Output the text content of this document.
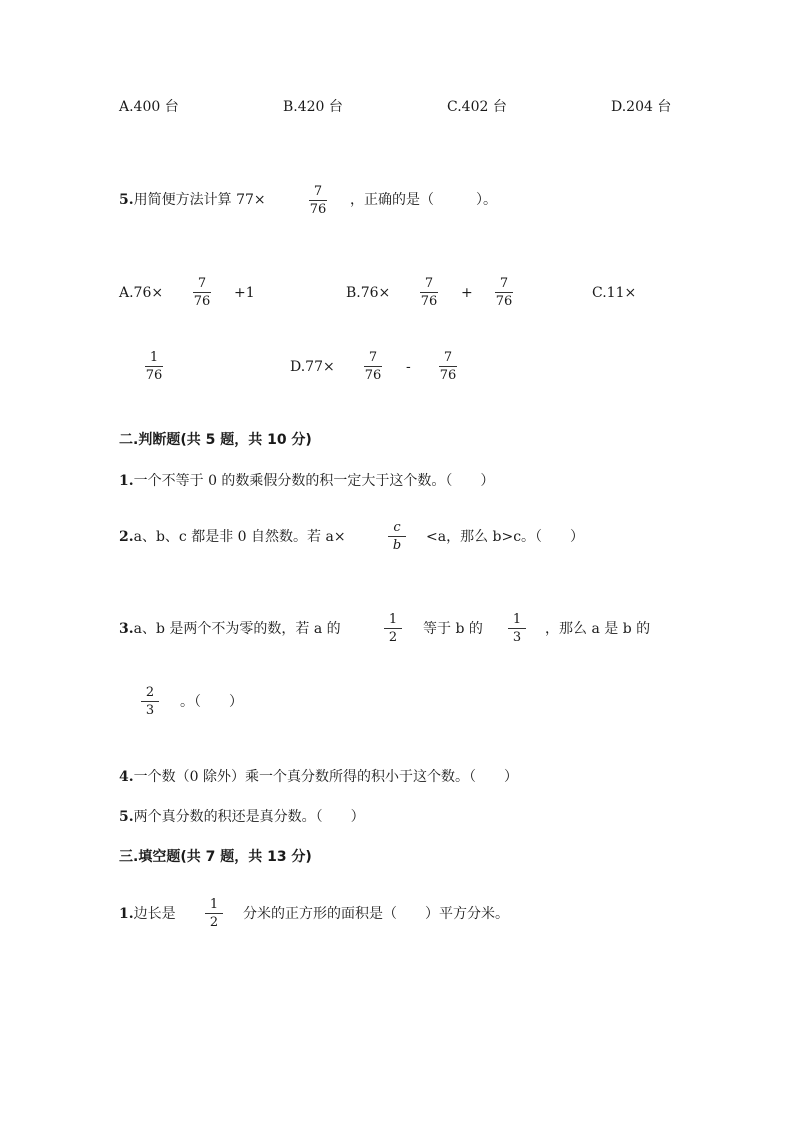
A.400 台	B.420 台	C.402 台	D.204 台
5.用简便方法计算 77×
7
76
，正确的是（　　　）。
A.76×
7
76
+1	B.76×
7
76
+
7
76
C.11×
1
76
D.77×
7
76
-
7
76
二.判断题(共 5 题，共 10 分)
1.一个不等于 0 的数乘假分数的积一定大于这个数。（　　）
2.a、b、c 都是非 0 自然数。若 a×
c
b
<a，那么 b>c。（　　）
3.a、b 是两个不为零的数，若 a 的
1
2
等于 b 的
1
3
，那么 a 是 b 的
2
3
。（　　）
4.一个数（0 除外）乘一个真分数所得的积小于这个数。（　　）
5.两个真分数的积还是真分数。（　　）
三.填空题(共 7 题，共 13 分)
1.边长是
1
2
分米的正方形的面积是（　　）平方分米。
